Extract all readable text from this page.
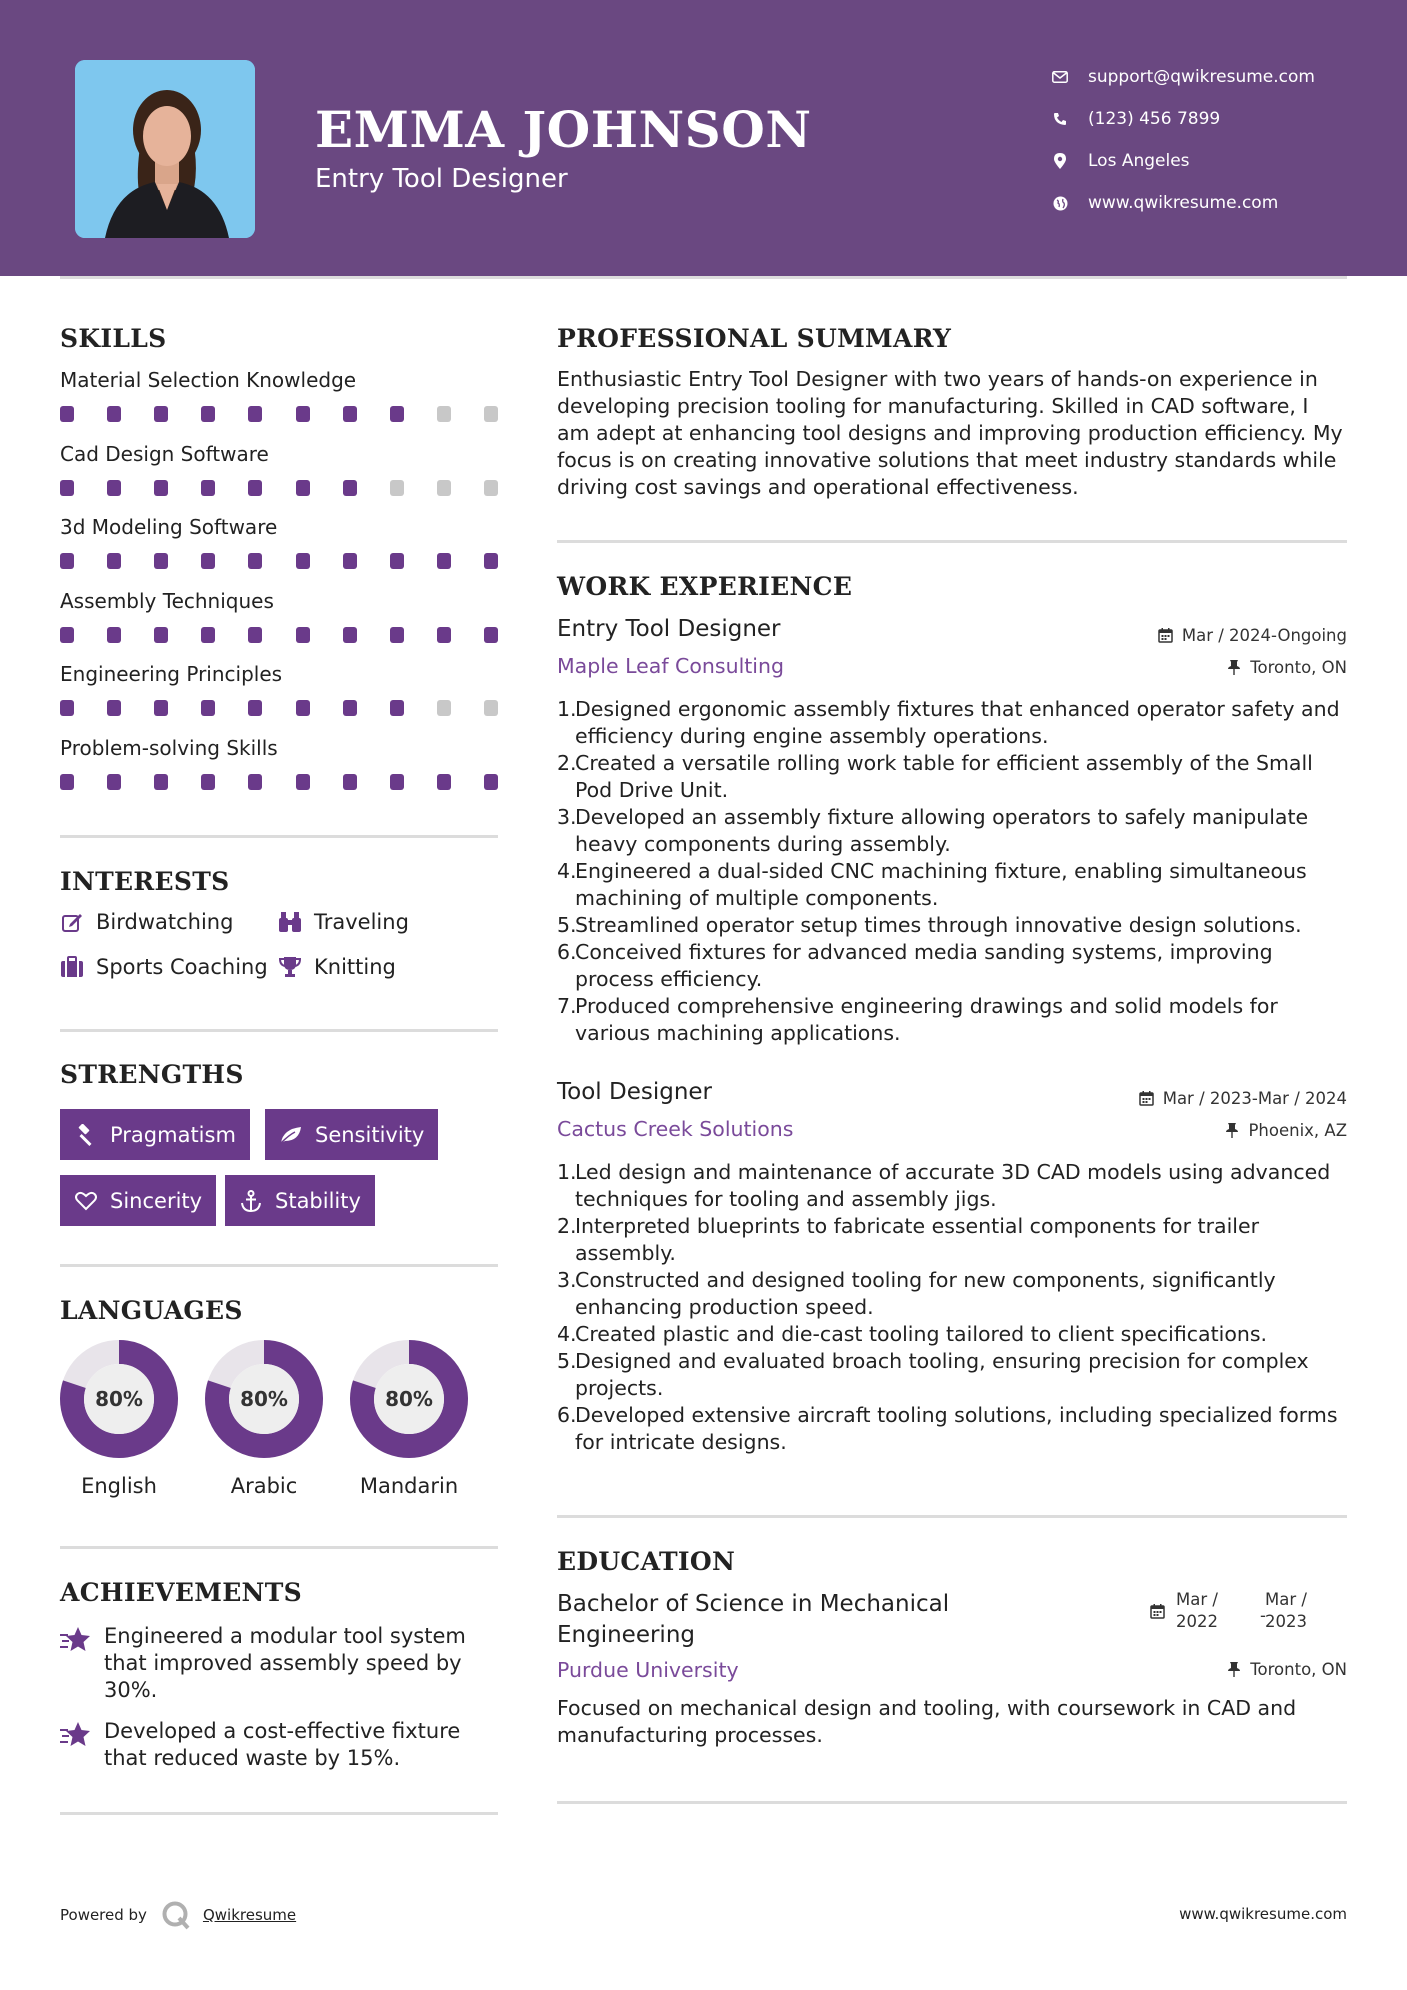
EMMA JOHNSON
Entry Tool Designer
support@qwikresume.com
(123) 456 7899
Los Angeles
www.qwikresume.com
SKILLS
Material Selection Knowledge
Cad Design Software
3d Modeling Software
Assembly Techniques
Engineering Principles
Problem-solving Skills
INTERESTS
Birdwatching	Traveling
Sports Coaching Knitting
STRENGTHS
Pragmatism	Sensitivity
Sincerity	Stability
LANGUAGES
80%
English
80%
Arabic
80%
Mandarin
ACHIEVEMENTS
Engineered a modular tool system that improved assembly speed by 30%.
Developed a cost-effective fixture that reduced waste by 15%.
PROFESSIONAL SUMMARY
Enthusiastic Entry Tool Designer with two years of hands-on experience in developing precision tooling for manufacturing. Skilled in CAD software, I am adept at enhancing tool designs and improving production efficiency. My focus is on creating innovative solutions that meet industry standards while driving cost savings and operational effectiveness.
WORK EXPERIENCE
Entry Tool Designer	Mar / 2024-Ongoing
Maple Leaf Consulting	Toronto, ON
1.
Designed ergonomic assembly fixtures that enhanced operator safety and efficiency during engine assembly operations.
2.
Created a versatile rolling work table for efficient assembly of the Small Pod Drive Unit.
3.
Developed an assembly fixture allowing operators to safely manipulate heavy components during assembly.
4.
Engineered a dual-sided CNC machining fixture, enabling simultaneous machining of multiple components.
5.
Streamlined operator setup times through innovative design solutions.
6.
Conceived fixtures for advanced media sanding systems, improving process efficiency.
7.
Produced comprehensive engineering drawings and solid models for various machining applications.
Tool Designer	Mar / 2023-Mar / 2024
Cactus Creek Solutions	Phoenix, AZ
1.
Led design and maintenance of accurate 3D CAD models using advanced techniques for tooling and assembly jigs.
2.
Interpreted blueprints to fabricate essential components for trailer assembly.
3.
Constructed and designed tooling for new components, significantly enhancing production speed.
4.
Created plastic and die-cast tooling tailored to client specifications.
5.
Designed and evaluated broach tooling, ensuring precision for complex projects.
6.
Developed extensive aircraft tooling solutions, including specialized forms for intricate designs.
EDUCATION
Bachelor of Science in Mechanical
Engineering
Mar /
2022	-
Mar /
2023
Purdue University	Toronto, ON
Focused on mechanical design and tooling, with coursework in CAD and manufacturing processes.
Powered by	Qwikresume	www.qwikresume.com
